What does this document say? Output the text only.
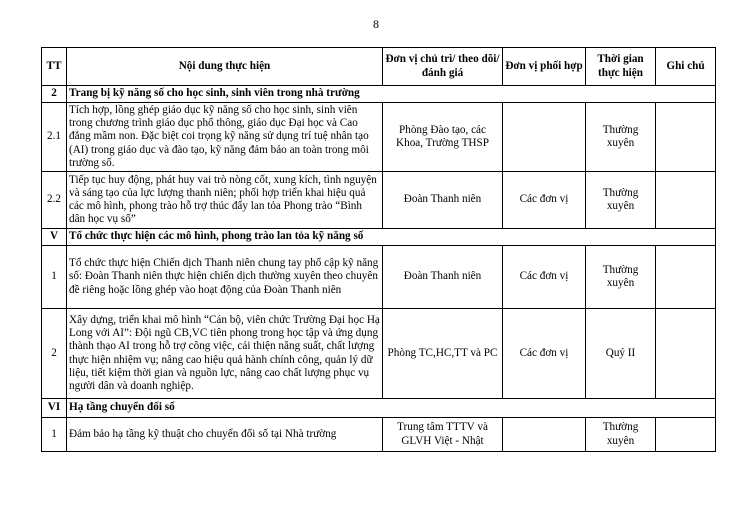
8
TT	Nội dung thực hiện	Đơn vị chủ trì/ theo dõi/ đánh giá	Đơn vị phối hợp	Thời gian thực hiện	Ghi chú
2	Trang bị kỹ năng số cho học sinh, sinh viên trong nhà trường				
2.1	Tích hợp, lồng ghép giáo dục kỹ năng số cho học sinh, sinh viên trong chương trình giáo dục phổ thông, giáo dục Đại học và Cao đẳng mầm non. Đặc biệt coi trọng kỹ năng sử dụng trí tuệ nhân tạo (AI) trong giáo dục và đào tạo, kỹ năng đảm bảo an toàn trong môi trường số.	Phòng Đào tạo, các Khoa, Trường THSP		Thường xuyên	
2.2	Tiếp tục huy động, phát huy vai trò nòng cốt, xung kích, tình nguyện và sáng tạo của lực lượng thanh niên; phối hợp triển khai hiệu quả các mô hình, phong trào hỗ trợ thúc đẩy lan tỏa Phong trào “Bình dân học vụ số”	Đoàn Thanh niên	Các đơn vị	Thường xuyên	
V	Tổ chức thực hiện các mô hình, phong trào lan tỏa kỹ năng số				
1	Tổ chức thực hiện Chiến dịch Thanh niên chung tay phổ cập kỹ năng số: Đoàn Thanh niên thực hiện chiến dịch thường xuyên theo chuyên đề riêng hoặc lồng ghép vào hoạt động của Đoàn Thanh niên	Đoàn Thanh niên	Các đơn vị	Thường xuyên	
2	Xây dựng, triển khai mô hình “Cán bộ, viên chức Trường Đại học Hạ Long với AI”: Đội ngũ CB,VC tiên phong trong học tập và ứng dụng thành thạo AI trong hỗ trợ công việc, cải thiện năng suất, chất lượng thực hiện nhiệm vụ; nâng cao hiệu quả hành chính công, quản lý dữ liệu, tiết kiệm thời gian và nguồn lực, nâng cao chất lượng phục vụ người dân và doanh nghiệp.	Phòng TC,HC,TT và PC	Các đơn vị	Quý II	
VI	Hạ tầng chuyển đổi số				
1	Đảm bảo hạ tầng kỹ thuật cho chuyển đổi số tại Nhà trường	Trung tâm TTTV và GLVH Việt - Nhật		Thường xuyên	
